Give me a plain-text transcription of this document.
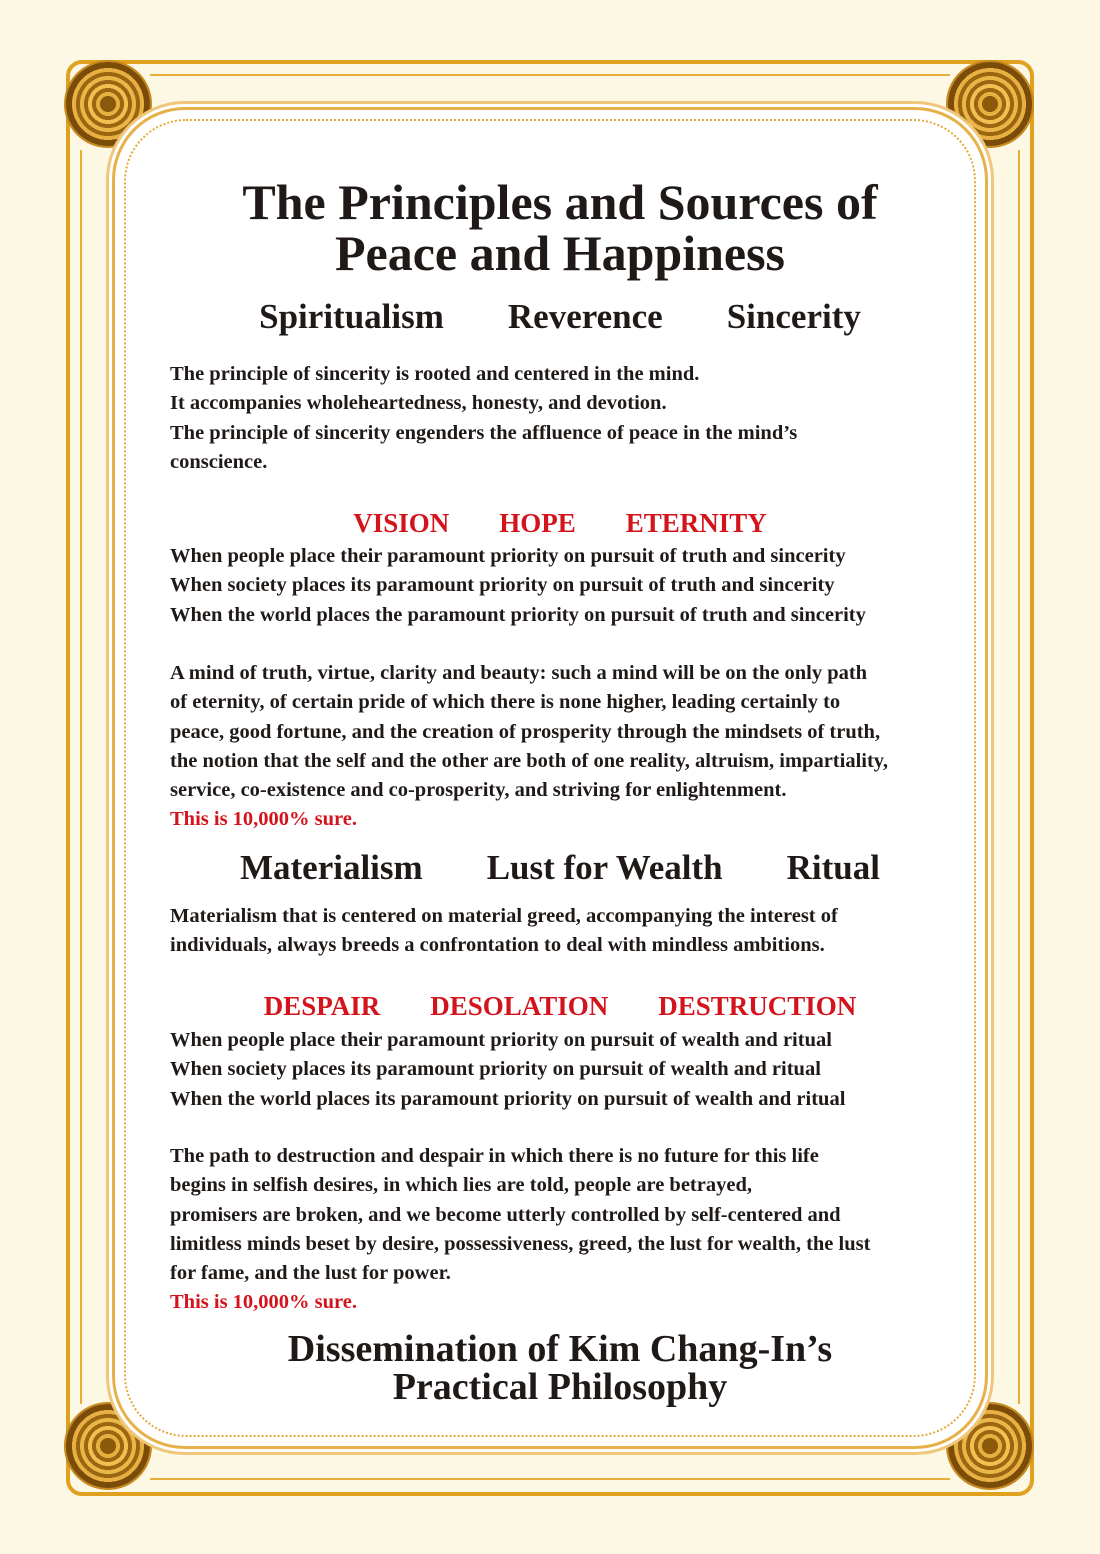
The Principles and Sources of
Peace and Happiness
Spiritualism Reverence Sincerity

The principle of sincerity is rooted and centered in the mind.

It accompanies wholeheartedness, honesty, and devotion.

The principle of sincerity engenders the affluence of peace in the mind’s

conscience.

VISION HOPE ETERNITY

When people place their paramount priority on pursuit of truth and sincerity

When society places its paramount priority on pursuit of truth and sincerity

When the world places the paramount priority on pursuit of truth and sincerity

A mind of truth, virtue, clarity and beauty: such a mind will be on the only path

of eternity, of certain pride of which there is none higher, leading certainly to

peace, good fortune, and the creation of prosperity through the mindsets of truth,

the notion that the self and the other are both of one reality, altruism, impartiality,

service, co-existence and co-prosperity, and striving for enlightenment.

This is 10,000% sure.

Materialism Lust for Wealth Ritual

Materialism that is centered on material greed, accompanying the interest of

individuals, always breeds a confrontation to deal with mindless ambitions.

DESPAIR DESOLATION DESTRUCTION

When people place their paramount priority on pursuit of wealth and ritual

When society places its paramount priority on pursuit of wealth and ritual

When the world places its paramount priority on pursuit of wealth and ritual

The path to destruction and despair in which there is no future for this life

begins in selfish desires, in which lies are told, people are betrayed,

promisers are broken, and we become utterly controlled by self-centered and

limitless minds beset by desire, possessiveness, greed, the lust for wealth, the lust

for fame, and the lust for power.

This is 10,000% sure.

Dissemination of Kim Chang-In’s
Practical Philosophy
